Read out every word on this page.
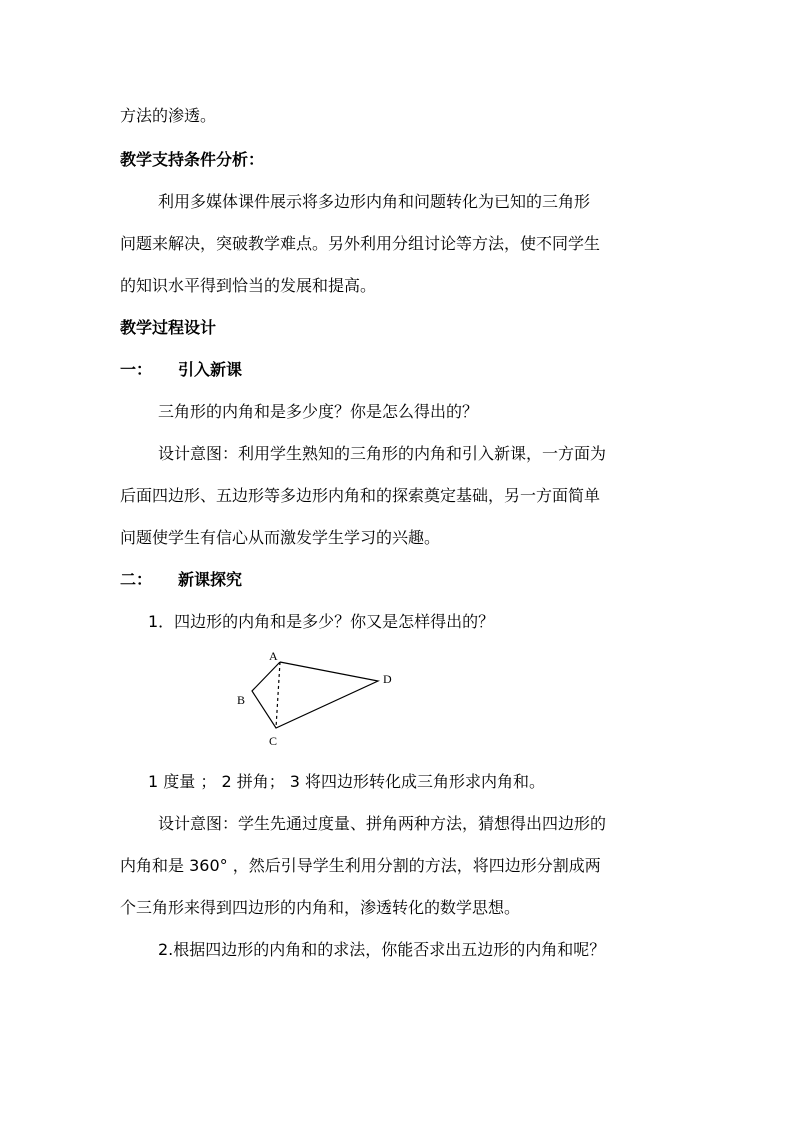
方法的渗透。
教学支持条件分析：
利用多媒体课件展示将多边形内角和问题转化为已知的三角形
问题来解决，突破教学难点。另外利用分组讨论等方法，使不同学生
的知识水平得到恰当的发展和提高。
教学过程设计
一： 引入新课
三角形的内角和是多少度？你是怎么得出的？
设计意图：利用学生熟知的三角形的内角和引入新课，一方面为
后面四边形、五边形等多边形内角和的探索奠定基础，另一方面简单
问题使学生有信心从而激发学生学习的兴趣。
二： 新课探究
1．四边形的内角和是多少？你又是怎样得出的？
A
B
C
D
1 度量 ； 2 拼角； 3 将四边形转化成三角形求内角和。
设计意图：学生先通过度量、拼角两种方法，猜想得出四边形的
内角和是 360° ，然后引导学生利用分割的方法，将四边形分割成两
个三角形来得到四边形的内角和，渗透转化的数学思想。
2.根据四边形的内角和的求法，你能否求出五边形的内角和呢？
